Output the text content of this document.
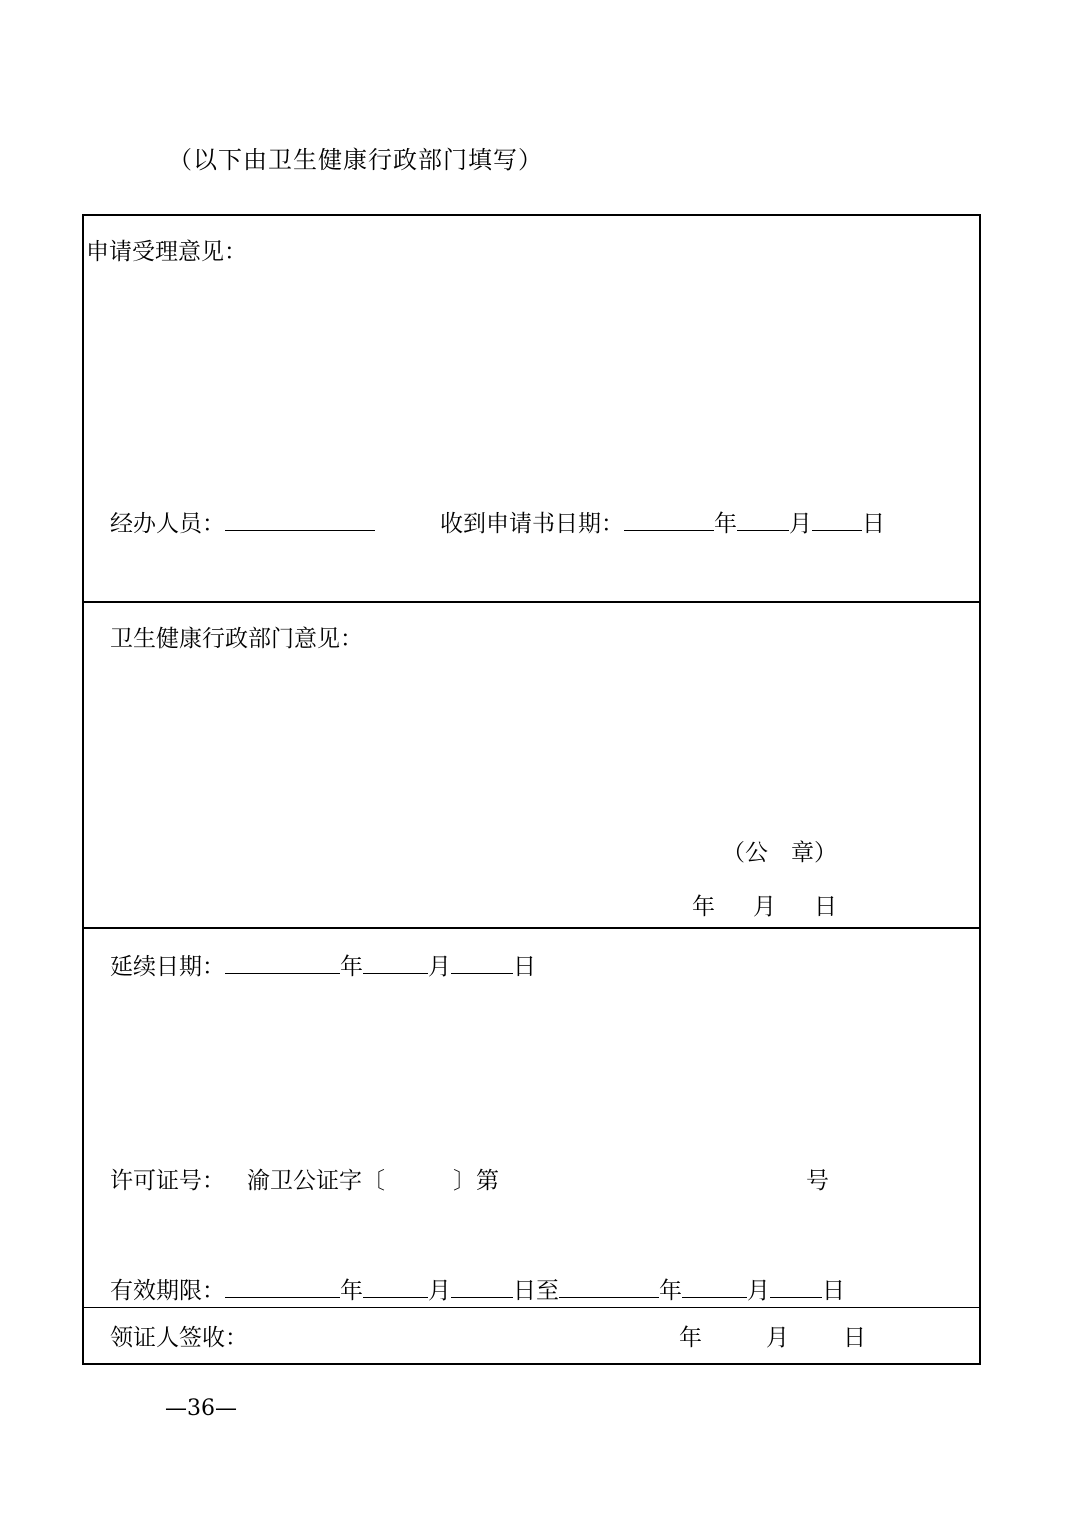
（以下由卫生健康行政部门填写）
申请受理意见：
经办人员：	收到申请书日期：	年 月 日
卫生健康行政部门意见：
（公　章）
年 月 日
延续日期：	年	月	日
许可证号： 渝卫公证字〔	〕第	号
有效期限：	年	月	日至	年	月 日
领证人签收：	年	月 日
—36—
